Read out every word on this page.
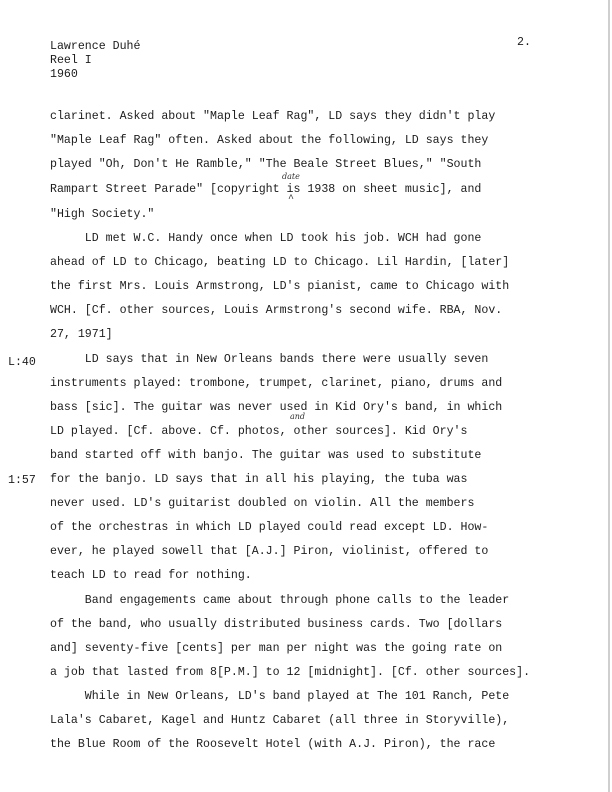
Lawrence Duhé
Reel I
1960
2.
L:40
1:57
date
^
and
clarinet. Asked about "Maple Leaf Rag", LD says they didn't play
"Maple Leaf Rag" often. Asked about the following, LD says they
played "Oh, Don't He Ramble," "The Beale Street Blues," "South
Rampart Street Parade" [copyright is 1938 on sheet music], and
"High Society."
LD met W.C. Handy once when LD took his job. WCH had gone
ahead of LD to Chicago, beating LD to Chicago. Lil Hardin, [later]
the first Mrs. Louis Armstrong, LD's pianist, came to Chicago with
WCH. [Cf. other sources, Louis Armstrong's second wife. RBA, Nov.
27, 1971]
LD says that in New Orleans bands there were usually seven
instruments played: trombone, trumpet, clarinet, piano, drums and
bass [sic]. The guitar was never used in Kid Ory's band, in which
LD played. [Cf. above. Cf. photos, other sources]. Kid Ory's
band started off with banjo. The guitar was used to substitute
for the banjo. LD says that in all his playing, the tuba was
never used. LD's guitarist doubled on violin. All the members
of the orchestras in which LD played could read except LD. How-
ever, he played sowell that [A.J.] Piron, violinist, offered to
teach LD to read for nothing.
Band engagements came about through phone calls to the leader
of the band, who usually distributed business cards. Two [dollars
and] seventy-five [cents] per man per night was the going rate on
a job that lasted from 8[P.M.] to 12 [midnight]. [Cf. other sources].
While in New Orleans, LD's band played at The 101 Ranch, Pete
Lala's Cabaret, Kagel and Huntz Cabaret (all three in Storyville),
the Blue Room of the Roosevelt Hotel (with A.J. Piron), the race
